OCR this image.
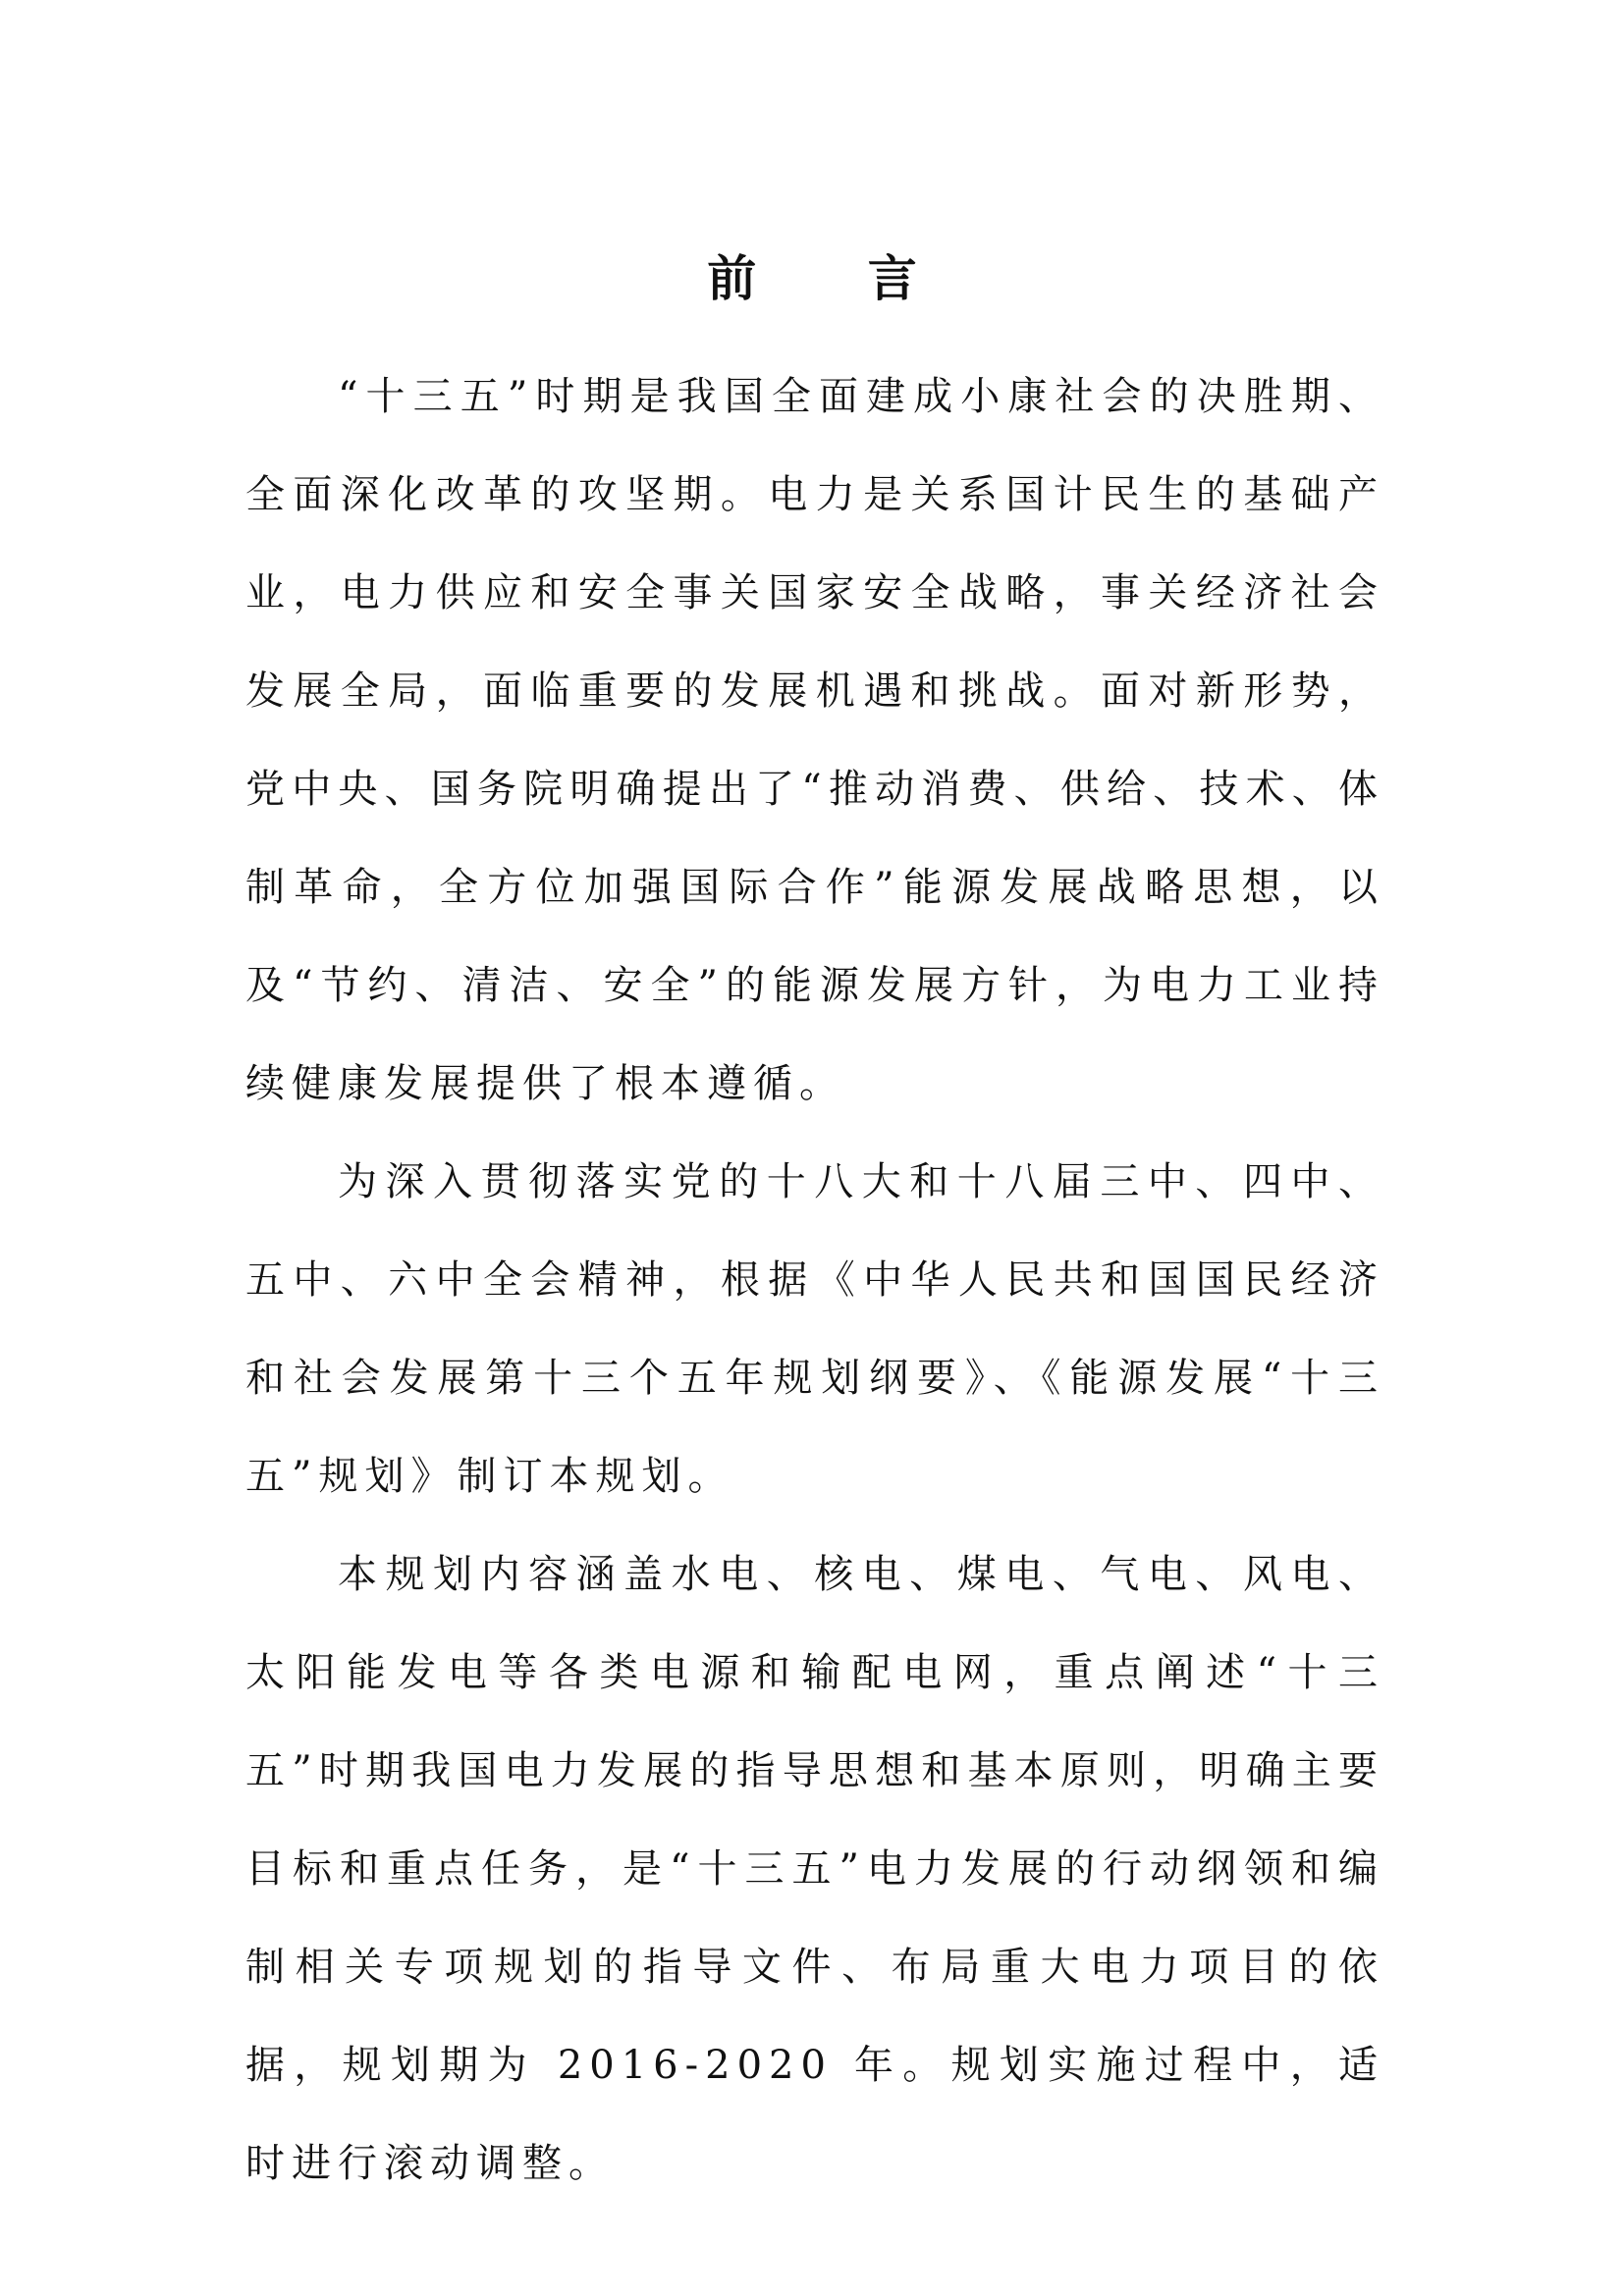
前 言

“十三五”时期是我国全面建成小康社会的决胜期、全面深化改革的攻坚期。电力是关系国计民生的基础产业，电力供应和安全事关国家安全战略，事关经济社会发展全局，面临重要的发展机遇和挑战。面对新形势，党中央、国务院明确提出了“推动消费、供给、技术、体制革命，全方位加强国际合作”能源发展战略思想，以及“节约、清洁、安全”的能源发展方针，为电力工业持续健康发展提供了根本遵循。

为深入贯彻落实党的十八大和十八届三中、四中、五中、六中全会精神，根据《中华人民共和国国民经济和社会发展第十三个五年规划纲要》、《能源发展“十三五”规划》制订本规划。

本规划内容涵盖水电、核电、煤电、气电、风电、太阳能发电等各类电源和输配电网，重点阐述“十三五”时期我国电力发展的指导思想和基本原则，明确主要目标和重点任务，是“十三五”电力发展的行动纲领和编制相关专项规划的指导文件、布局重大电力项目的依据，规划期为 2016-2020 年。规划实施过程中，适时进行滚动调整。
